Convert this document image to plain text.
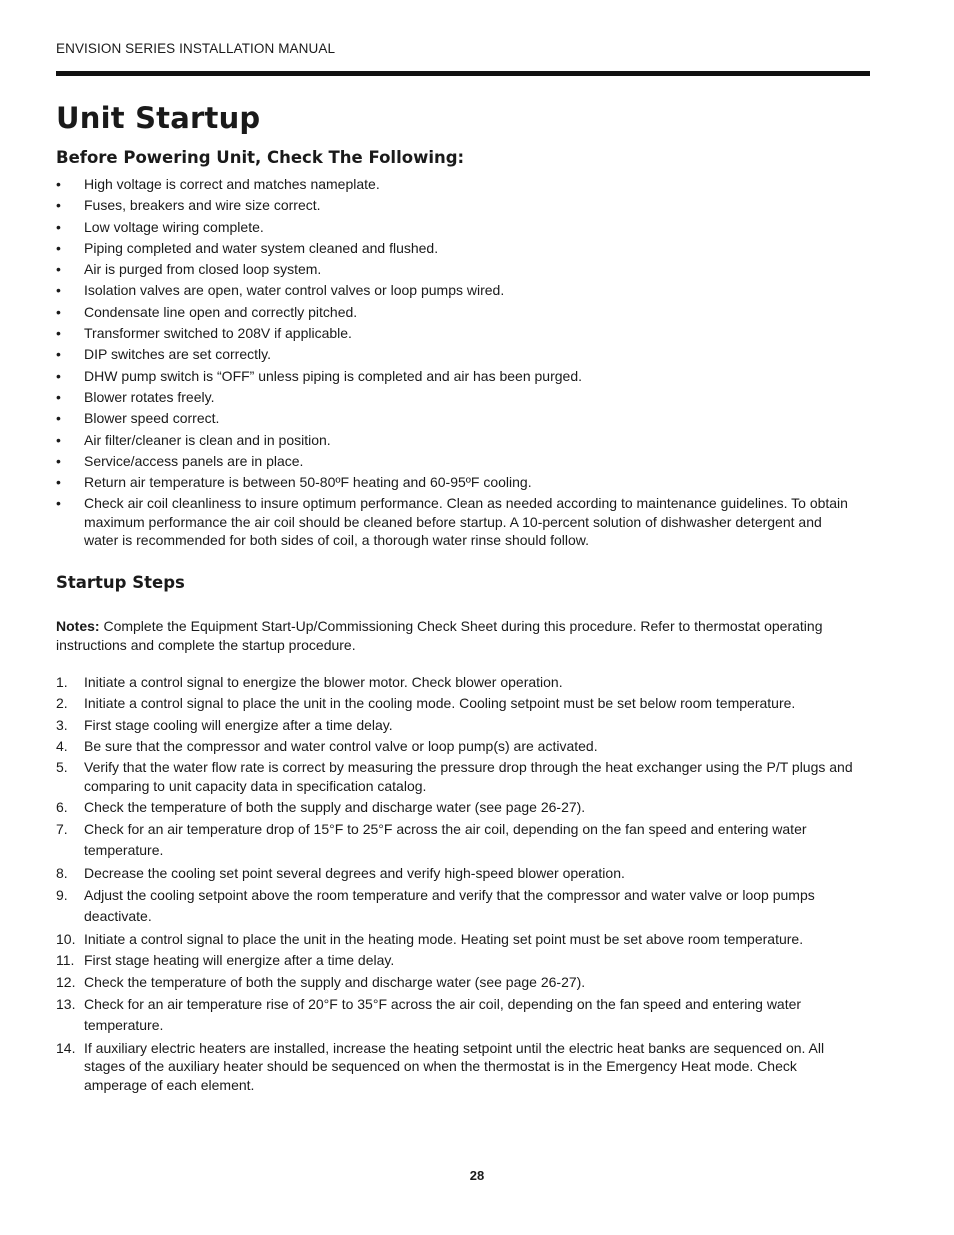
ENVISION SERIES INSTALLATION MANUAL
Unit Startup
Before Powering Unit, Check The Following:
• High voltage is correct and matches nameplate.
• Fuses, breakers and wire size correct.
• Low voltage wiring complete.
• Piping completed and water system cleaned and flushed.
• Air is purged from closed loop system.
• Isolation valves are open, water control valves or loop pumps wired.
• Condensate line open and correctly pitched.
• Transformer switched to 208V if applicable.
• DIP switches are set correctly.
• DHW pump switch is “OFF” unless piping is completed and air has been purged.
• Blower rotates freely.
• Blower speed correct.
• Air filter/cleaner is clean and in position.
• Service/access panels are in place.
• Return air temperature is between 50-80ºF heating and 60-95ºF cooling.
• Check air coil cleanliness to insure optimum performance. Clean as needed according to maintenance guidelines. To obtain maximum performance the air coil should be cleaned before startup. A 10-percent solution of dishwasher detergent and water is recommended for both sides of coil, a thorough water rinse should follow.
Startup Steps

Notes: Complete the Equipment Start-Up/Commissioning Check Sheet during this procedure. Refer to thermostat operating instructions and complete the startup procedure.

1. Initiate a control signal to energize the blower motor. Check blower operation.
2. Initiate a control signal to place the unit in the cooling mode. Cooling setpoint must be set below room temperature.
3. First stage cooling will energize after a time delay.
4. Be sure that the compressor and water control valve or loop pump(s) are activated.
5. Verify that the water flow rate is correct by measuring the pressure drop through the heat exchanger using the P/T plugs and comparing to unit capacity data in specification catalog.
6. Check the temperature of both the supply and discharge water (see page 26-27).
7. Check for an air temperature drop of 15°F to 25°F across the air coil, depending on the fan speed and entering water temperature.
8. Decrease the cooling set point several degrees and verify high-speed blower operation.
9. Adjust the cooling setpoint above the room temperature and verify that the compressor and water valve or loop pumps deactivate.
10. Initiate a control signal to place the unit in the heating mode. Heating set point must be set above room temperature.
11. First stage heating will energize after a time delay.
12. Check the temperature of both the supply and discharge water (see page 26-27).
13. Check for an air temperature rise of 20°F to 35°F across the air coil, depending on the fan speed and entering water temperature.
14. If auxiliary electric heaters are installed, increase the heating setpoint until the electric heat banks are sequenced on. All stages of the auxiliary heater should be sequenced on when the thermostat is in the Emergency Heat mode. Check amperage of each element.
28
